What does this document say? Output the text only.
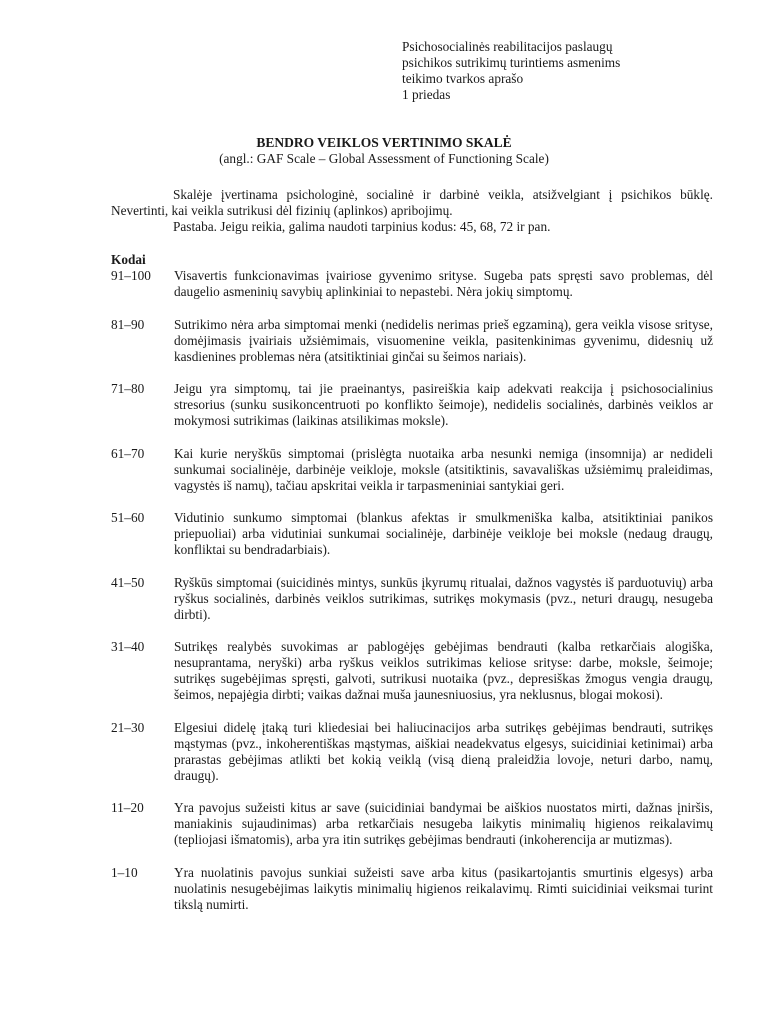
Psichosocialinės reabilitacijos paslaugų
psichikos sutrikimų turintiems asmenims
teikimo tvarkos aprašo
1 priedas
BENDRO VEIKLOS VERTINIMO SKALĖ
(angl.: GAF Scale – Global Assessment of Functioning Scale)

Skalėje įvertinama psichologinė, socialinė ir darbinė veikla, atsižvelgiant į psichikos būklę. Nevertinti, kai veikla sutrikusi dėl fizinių (aplinkos) apribojimų.

Pastaba. Jeigu reikia, galima naudoti tarpinius kodus: 45, 68, 72 ir pan.

Kodai
91–100	Visavertis funkcionavimas įvairiose gyvenimo srityse. Sugeba pats spręsti savo problemas, dėl daugelio asmeninių savybių aplinkiniai to nepastebi. Nėra jokių simptomų.
81–90	Sutrikimo nėra arba simptomai menki (nedidelis nerimas prieš egzaminą), gera veikla visose srityse, domėjimasis įvairiais užsiėmimais, visuomenine veikla, pasitenkinimas gyvenimu, didesnių už kasdienines problemas nėra (atsitiktiniai ginčai su šeimos nariais).
71–80	Jeigu yra simptomų, tai jie praeinantys, pasireiškia kaip adekvati reakcija į psichosocialinius stresorius (sunku susikoncentruoti po konflikto šeimoje), nedidelis socialinės, darbinės veiklos ar mokymosi sutrikimas (laikinas atsilikimas moksle).
61–70	Kai kurie neryškūs simptomai (prislėgta nuotaika arba nesunki nemiga (insomnija) ar nedideli sunkumai socialinėje, darbinėje veikloje, moksle (atsitiktinis, savavališkas užsiėmimų praleidimas, vagystės iš namų), tačiau apskritai veikla ir tarpasmeniniai santykiai geri.
51–60	Vidutinio sunkumo simptomai (blankus afektas ir smulkmeniška kalba, atsitiktiniai panikos priepuoliai) arba vidutiniai sunkumai socialinėje, darbinėje veikloje bei moksle (nedaug draugų, konfliktai su bendradarbiais).
41–50	Ryškūs simptomai (suicidinės mintys, sunkūs įkyrumų ritualai, dažnos vagystės iš parduotuvių) arba ryškus socialinės, darbinės veiklos sutrikimas, sutrikęs mokymasis (pvz., neturi draugų, nesugeba dirbti).
31–40	Sutrikęs realybės suvokimas ar pablogėjęs gebėjimas bendrauti (kalba retkarčiais alogiška, nesuprantama, neryški) arba ryškus veiklos sutrikimas keliose srityse: darbe, moksle, šeimoje; sutrikęs sugebėjimas spręsti, galvoti, sutrikusi nuotaika (pvz., depresiškas žmogus vengia draugų, šeimos, nepajėgia dirbti; vaikas dažnai muša jaunesniuosius, yra neklusnus, blogai mokosi).
21–30	Elgesiui didelę įtaką turi kliedesiai bei haliucinacijos arba sutrikęs gebėjimas bendrauti, sutrikęs mąstymas (pvz., inkoherentiškas mąstymas, aiškiai neadekvatus elgesys, suicidiniai ketinimai) arba prarastas gebėjimas atlikti bet kokią veiklą (visą dieną praleidžia lovoje, neturi darbo, namų, draugų).
11–20	Yra pavojus sužeisti kitus ar save (suicidiniai bandymai be aiškios nuostatos mirti, dažnas įniršis, maniakinis sujaudinimas) arba retkarčiais nesugeba laikytis minimalių higienos reikalavimų (tepliojasi išmatomis), arba yra itin sutrikęs gebėjimas bendrauti (inkoherencija ar mutizmas).
1–10	Yra nuolatinis pavojus sunkiai sužeisti save arba kitus (pasikartojantis smurtinis elgesys) arba nuolatinis nesugebėjimas laikytis minimalių higienos reikalavimų. Rimti suicidiniai veiksmai turint tikslą numirti.
